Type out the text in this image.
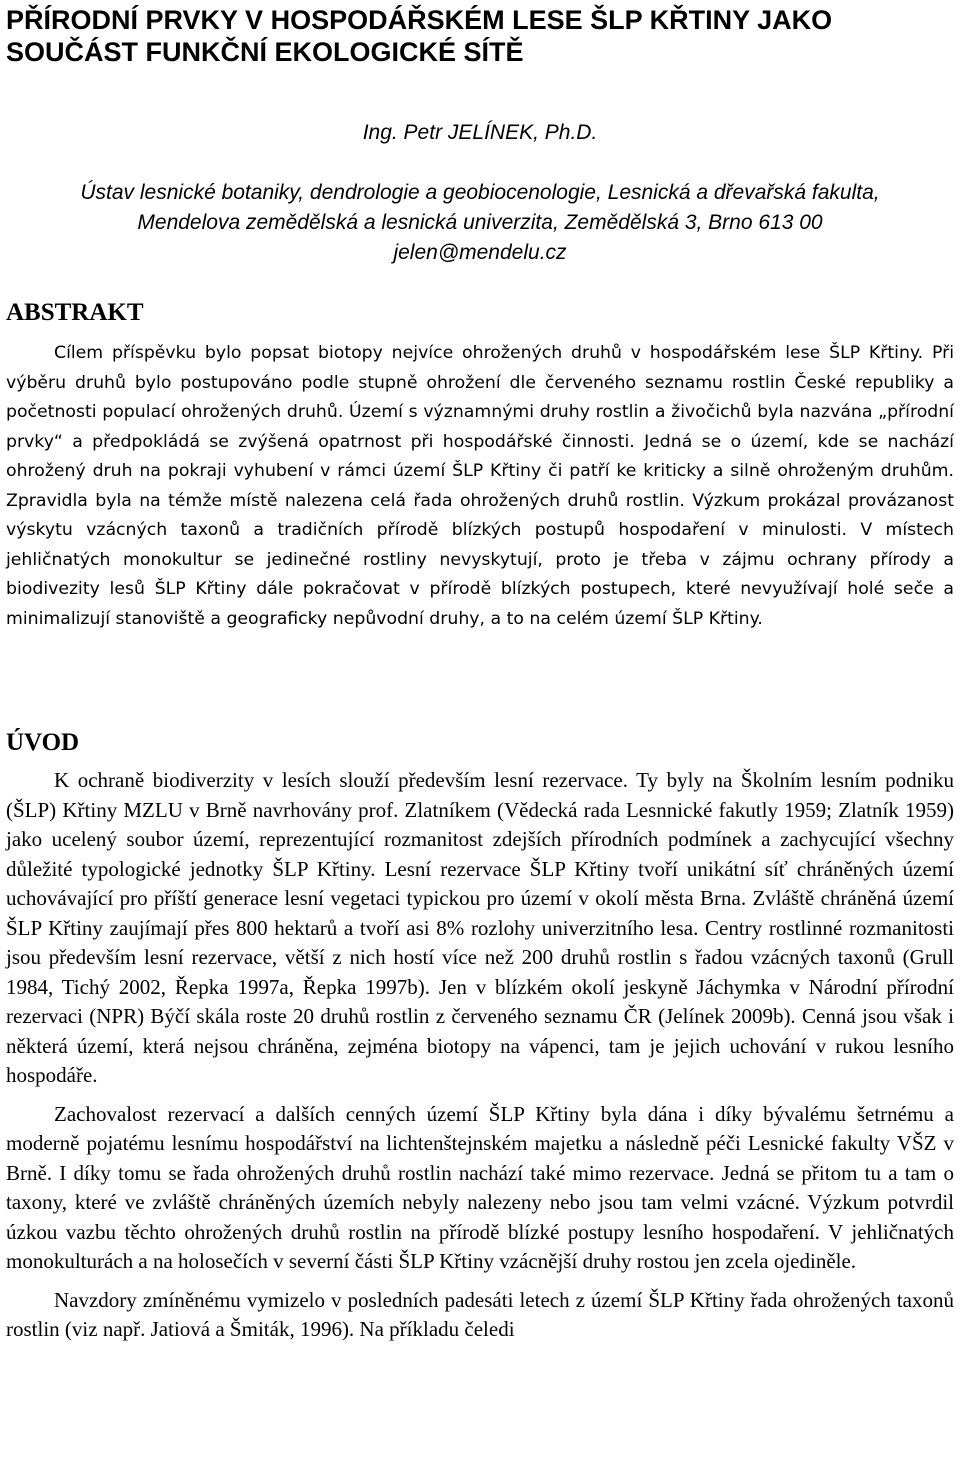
PŘÍRODNÍ PRVKY V HOSPODÁŘSKÉM LESE ŠLP KŘTINY JAKO SOUČÁST FUNKČNÍ EKOLOGICKÉ SÍTĚ

Ing. Petr JELÍNEK, Ph.D.

Ústav lesnické botaniky, dendrologie a geobiocenologie, Lesnická a dřevařská fakulta,
Mendelova zemědělská a lesnická univerzita, Zemědělská 3, Brno 613 00
jelen@mendelu.cz
ABSTRAKT

Cílem příspěvku bylo popsat biotopy nejvíce ohrožených druhů v hospodářském lese ŠLP Křtiny. Při výběru druhů bylo postupováno podle stupně ohrožení dle červeného seznamu rostlin České republiky a početnosti populací ohrožených druhů. Území s významnými druhy rostlin a živočichů byla nazvána „přírodní prvky“ a předpokládá se zvýšená opatrnost při hospodářské činnosti. Jedná se o území, kde se nachází ohrožený druh na pokraji vyhubení v rámci území ŠLP Křtiny či patří ke kriticky a silně ohroženým druhům. Zpravidla byla na témže místě nalezena celá řada ohrožených druhů rostlin. Výzkum prokázal provázanost výskytu vzácných taxonů a tradičních přírodě blízkých postupů hospodaření v minulosti. V místech jehličnatých monokultur se jedinečné rostliny nevyskytují, proto je třeba v zájmu ochrany přírody a biodivezity lesů ŠLP Křtiny dále pokračovat v přírodě blízkých postupech, které nevyužívají holé seče a minimalizují stanoviště a geograficky nepůvodní druhy, a to na celém území ŠLP Křtiny.

ÚVOD

K ochraně biodiverzity v lesích slouží především lesní rezervace. Ty byly na Školním lesním podniku (ŠLP) Křtiny MZLU v Brně navrhovány prof. Zlatníkem (Vědecká rada Lesnnické fakutly 1959; Zlatník 1959) jako ucelený soubor území, reprezentující rozmanitost zdejších přírodních podmínek a zachycující všechny důležité typologické jednotky ŠLP Křtiny. Lesní rezervace ŠLP Křtiny tvoří unikátní síť chráněných území uchovávající pro příští generace lesní vegetaci typickou pro území v okolí města Brna. Zvláště chráněná území ŠLP Křtiny zaujímají přes 800 hektarů a tvoří asi 8% rozlohy univerzitního lesa. Centry rostlinné rozmanitosti jsou především lesní rezervace, větší z nich hostí více než 200 druhů rostlin s řadou vzácných taxonů (Grull 1984, Tichý 2002, Řepka 1997a, Řepka 1997b). Jen v blízkém okolí jeskyně Jáchymka v Národní přírodní rezervaci (NPR) Býčí skála roste 20 druhů rostlin z červeného seznamu ČR (Jelínek 2009b). Cenná jsou však i některá území, která nejsou chráněna, zejména biotopy na vápenci, tam je jejich uchování v rukou lesního hospodáře.

Zachovalost rezervací a dalších cenných území ŠLP Křtiny byla dána i díky bývalému šetrnému a moderně pojatému lesnímu hospodářství na lichtenštejnském majetku a následně péči Lesnické fakulty VŠZ v Brně. I díky tomu se řada ohrožených druhů rostlin nachází také mimo rezervace. Jedná se přitom tu a tam o taxony, které ve zvláště chráněných územích nebyly nalezeny nebo jsou tam velmi vzácné. Výzkum potvrdil úzkou vazbu těchto ohrožených druhů rostlin na přírodě blízké postupy lesního hospodaření. V jehličnatých monokulturách a na holosečích v severní části ŠLP Křtiny vzácnější druhy rostou jen zcela ojediněle.

Navzdory zmíněnému vymizelo v posledních padesáti letech z území ŠLP Křtiny řada ohrožených taxonů rostlin (viz např. Jatiová a Šmiták, 1996). Na příkladu čeledi
